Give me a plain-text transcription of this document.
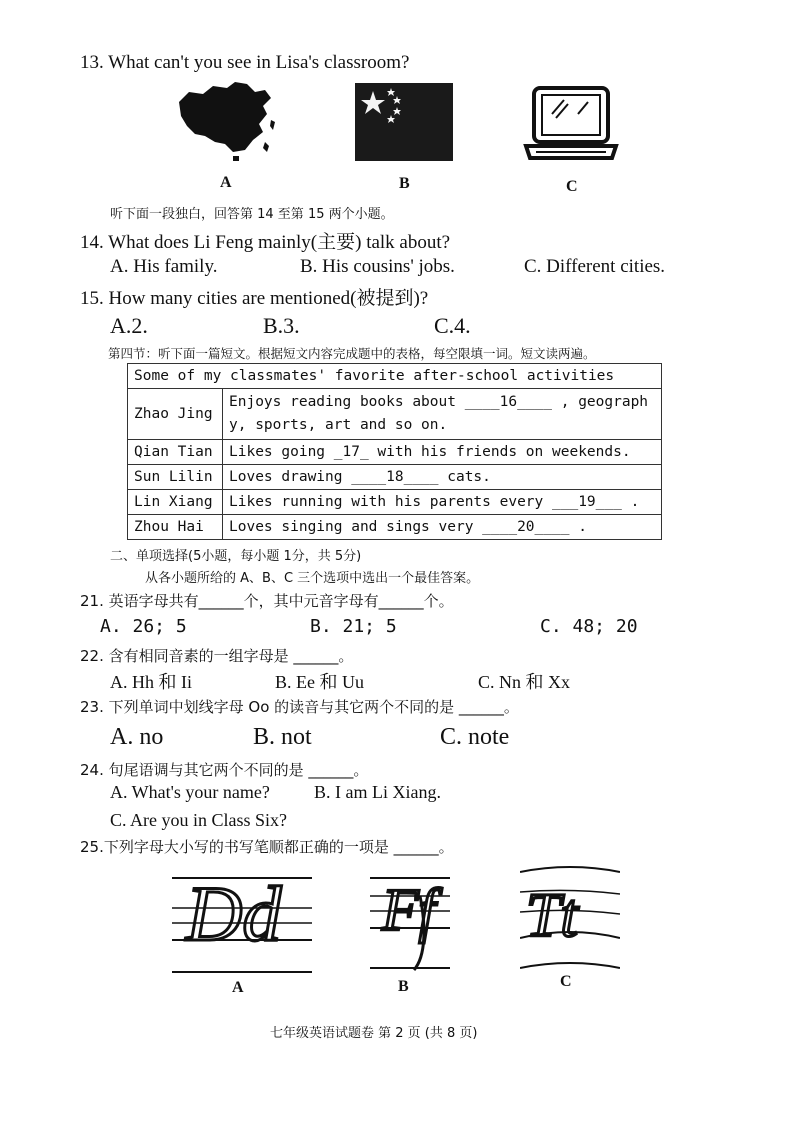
13. What can't you see in Lisa's classroom?
A	B	C
听下面一段独白，回答第 14 至第 15 两个小题。
14. What does Li Feng mainly(主要) talk about?
A. His family.	B. His cousins' jobs.	C. Different cities.
15. How many cities are mentioned(被提到)?
A.2.	B.3.	C.4.
第四节：听下面一篇短文。根据短文内容完成题中的表格，每空限填一词。短文读两遍。
Some of my classmates' favorite after-school activities	
Zhao Jing	Enjoys reading books about ____16____ , geography, sports, art and so on.
Qian Tian	Likes going _17_ with his friends on weekends.
Sun Lilin	Loves drawing ____18____ cats.
Lin Xiang	Likes running with his parents every ___19___ .
Zhou Hai	Loves singing and sings very ____20____ .
二、单项选择(5小题，每小题 1分，共 5分)
从各小题所给的 A、B、C 三个选项中选出一个最佳答案。
21. 英语字母共有______个，其中元音字母有______个。
A. 26; 5	B. 21; 5	C. 48; 20
22. 含有相同音素的一组字母是 ______。
A. Hh 和 Ii	B. Ee 和 Uu	C. Nn 和 Xx
23. 下列单词中划线字母 Oo 的读音与其它两个不同的是 ______。
A. no	B. not	C. note
24. 句尾语调与其它两个不同的是 ______。
A. What's your name? B. I am Li Xiang.
C. Are you in Class Six?
25.下列字母大小写的书写笔顺都正确的一项是 ______。
Dd
A
Ff
B
Tt
C
七年级英语试题卷 第 2 页 (共 8 页)
